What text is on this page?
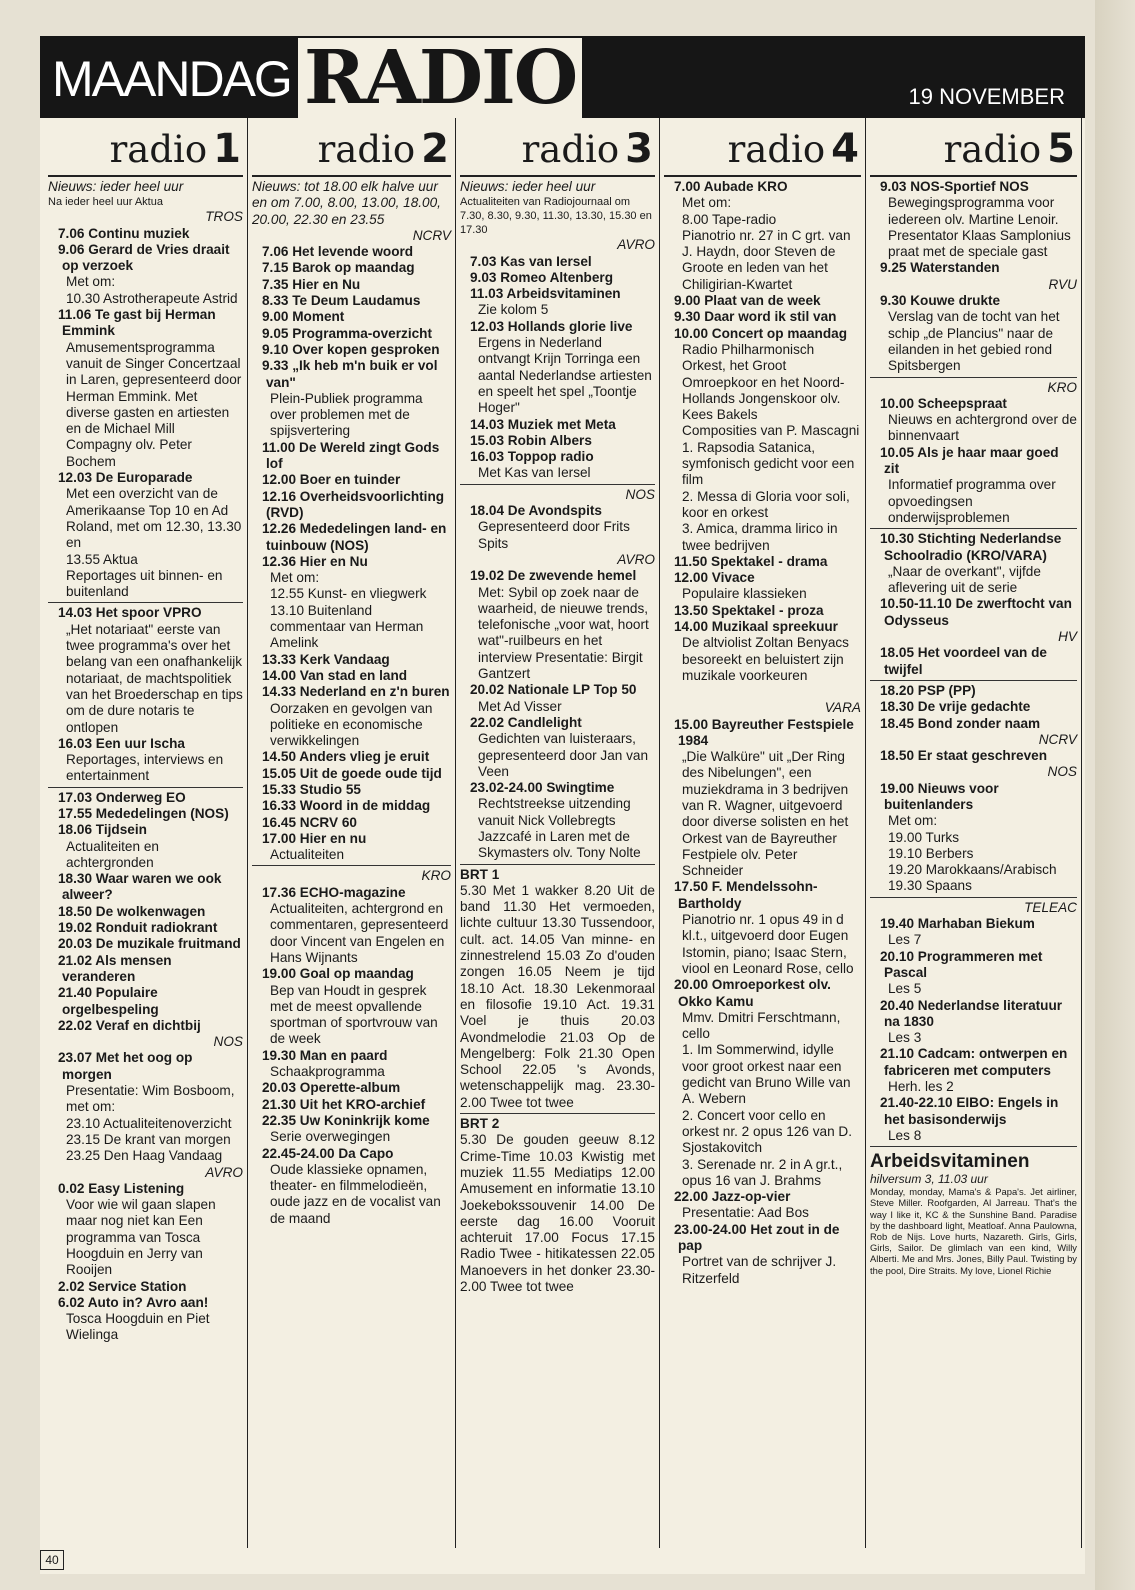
MAANDAG RADIO	19 NOVEMBER
radio 1
Nieuws: ieder heel uur
Na ieder heel uur Aktua
TROS
7.06 Continu muziek
9.06 Gerard de Vries draait op verzoek
Met om:
10.30 Astrotherapeute Astrid
11.06 Te gast bij Herman Emmink
Amusementsprogramma vanuit de Singer Concertzaal in Laren, gepresenteerd door Herman Emmink. Met diverse gasten en artiesten en de Michael Mill Compagny olv. Peter Bochem
12.03 De Europarade
Met een overzicht van de Amerikaanse Top 10 en Ad Roland, met om 12.30, 13.30 en
13.55 Aktua
Reportages uit binnen- en buitenland
14.03 Het spoor VPRO
„Het notariaat" eerste van twee programma's over het belang van een onafhankelijk notariaat, de machtspolitiek van het Broederschap en tips om de dure notaris te ontlopen
16.03 Een uur Ischa
Reportages, interviews en entertainment
17.03 Onderweg EO
17.55 Mededelingen (NOS)
18.06 Tijdsein
Actualiteiten en achtergronden
18.30 Waar waren we ook alweer?
18.50 De wolkenwagen
19.02 Ronduit radiokrant
20.03 De muzikale fruitmand
21.02 Als mensen veranderen
21.40 Populaire orgelbespeling
22.02 Veraf en dichtbij
NOS
23.07 Met het oog op morgen
Presentatie: Wim Bosboom, met om:
23.10 Actualiteitenoverzicht
23.15 De krant van morgen
23.25 Den Haag Vandaag
AVRO
0.02 Easy Listening
Voor wie wil gaan slapen maar nog niet kan Een programma van Tosca Hoogduin en Jerry van Rooijen
2.02 Service Station
6.02 Auto in? Avro aan!
Tosca Hoogduin en Piet Wielinga
radio 2
Nieuws: tot 18.00 elk halve uur en om 7.00, 8.00, 13.00, 18.00, 20.00, 22.30 en 23.55
NCRV
7.06 Het levende woord
7.15 Barok op maandag
7.35 Hier en Nu
8.33 Te Deum Laudamus
9.00 Moment
9.05 Programma-overzicht
9.10 Over kopen gesproken
9.33 „Ik heb m'n buik er vol van"
Plein-Publiek programma over problemen met de spijsvertering
11.00 De Wereld zingt Gods lof
12.00 Boer en tuinder
12.16 Overheidsvoorlichting (RVD)
12.26 Mededelingen land- en tuinbouw (NOS)
12.36 Hier en Nu
Met om:
12.55 Kunst- en vliegwerk
13.10 Buitenland commentaar van Herman Amelink
13.33 Kerk Vandaag
14.00 Van stad en land
14.33 Nederland en z'n buren
Oorzaken en gevolgen van politieke en economische verwikkelingen
14.50 Anders vlieg je eruit
15.05 Uit de goede oude tijd
15.33 Studio 55
16.33 Woord in de middag
16.45 NCRV 60
17.00 Hier en nu
Actualiteiten
KRO
17.36 ECHO-magazine
Actualiteiten, achtergrond en commentaren, gepresenteerd door Vincent van Engelen en Hans Wijnants
19.00 Goal op maandag
Bep van Houdt in gesprek met de meest opvallende sportman of sportvrouw van de week
19.30 Man en paard
Schaakprogramma
20.03 Operette-album
21.30 Uit het KRO-archief
22.35 Uw Koninkrijk kome
Serie overwegingen
22.45-24.00 Da Capo
Oude klassieke opnamen, theater- en filmmelodieën, oude jazz en de vocalist van de maand
radio 3
Nieuws: ieder heel uur
Actualiteiten van Radiojournaal om 7.30, 8.30, 9.30, 11.30, 13.30, 15.30 en 17.30
AVRO
7.03 Kas van Iersel
9.03 Romeo Altenberg
11.03 Arbeidsvitaminen
Zie kolom 5
12.03 Hollands glorie live
Ergens in Nederland ontvangt Krijn Torringa een aantal Nederlandse artiesten en speelt het spel „Toontje Hoger"
14.03 Muziek met Meta
15.03 Robin Albers
16.03 Toppop radio
Met Kas van Iersel
NOS
18.04 De Avondspits
Gepresenteerd door Frits Spits
AVRO
19.02 De zwevende hemel
Met: Sybil op zoek naar de waarheid, de nieuwe trends, telefonische „voor wat, hoort wat"-ruilbeurs en het interview Presentatie: Birgit Gantzert
20.02 Nationale LP Top 50
Met Ad Visser
22.02 Candlelight
Gedichten van luisteraars, gepresenteerd door Jan van Veen
23.02-24.00 Swingtime
Rechtstreekse uitzending vanuit Nick Vollebregts Jazzcafé in Laren met de Skymasters olv. Tony Nolte
BRT 1
5.30 Met 1 wakker 8.20 Uit de band 11.30 Het vermoeden, lichte cultuur 13.30 Tussendoor, cult. act. 14.05 Van minne- en zinnestrelend 15.03 Zo d'ouden zongen 16.05 Neem je tijd 18.10 Act. 18.30 Lekenmoraal en filosofie 19.10 Act. 19.31 Voel je thuis 20.03 Avondmelodie 21.03 Op de Mengelberg: Folk 21.30 Open School 22.05 's Avonds, wetenschappelijk mag. 23.30-2.00 Twee tot twee
BRT 2
5.30 De gouden geeuw 8.12 Crime-Time 10.03 Kwistig met muziek 11.55 Mediatips 12.00 Amusement en informatie 13.10 Joekebokssouvenir 14.00 De eerste dag 16.00 Vooruit achteruit 17.00 Focus 17.15 Radio Twee - hitikatessen 22.05 Manoevers in het donker 23.30-2.00 Twee tot twee
radio 4
7.00 Aubade KRO
Met om:
8.00 Tape-radio
Pianotrio nr. 27 in C grt. van J. Haydn, door Steven de Groote en leden van het Chiligirian-Kwartet
9.00 Plaat van de week
9.30 Daar word ik stil van
10.00 Concert op maandag
Radio Philharmonisch Orkest, het Groot Omroepkoor en het Noord-Hollands Jongenskoor olv. Kees Bakels
Composities van P. Mascagni
1. Rapsodia Satanica, symfonisch gedicht voor een film
2. Messa di Gloria voor soli, koor en orkest
3. Amica, dramma lirico in twee bedrijven
11.50 Spektakel - drama
12.00 Vivace
Populaire klassieken
13.50 Spektakel - proza
14.00 Muzikaal spreekuur
De altviolist Zoltan Benyacs besoreekt en beluistert zijn muzikale voorkeuren
VARA
15.00 Bayreuther Festspiele 1984
„Die Walküre" uit „Der Ring des Nibelungen", een muziekdrama in 3 bedrijven van R. Wagner, uitgevoerd door diverse solisten en het Orkest van de Bayreuther Festpiele olv. Peter Schneider
17.50 F. Mendelssohn-Bartholdy
Pianotrio nr. 1 opus 49 in d kl.t., uitgevoerd door Eugen Istomin, piano; Isaac Stern, viool en Leonard Rose, cello
20.00 Omroeporkest olv. Okko Kamu
Mmv. Dmitri Ferschtmann, cello
1. Im Sommerwind, idylle voor groot orkest naar een gedicht van Bruno Wille van A. Webern
2. Concert voor cello en orkest nr. 2 opus 126 van D. Sjostakovitch
3. Serenade nr. 2 in A gr.t., opus 16 van J. Brahms
22.00 Jazz-op-vier
Presentatie: Aad Bos
23.00-24.00 Het zout in de pap
Portret van de schrijver J. Ritzerfeld
radio 5
9.03 NOS-Sportief NOS
Bewegingsprogramma voor iedereen olv. Martine Lenoir. Presentator Klaas Samplonius praat met de speciale gast
9.25 Waterstanden
RVU
9.30 Kouwe drukte
Verslag van de tocht van het schip „de Plancius" naar de eilanden in het gebied rond Spitsbergen
KRO
10.00 Scheepspraat
Nieuws en achtergrond over de binnenvaart
10.05 Als je haar maar goed zit
Informatief programma over opvoedingsen onderwijsproblemen
10.30 Stichting Nederlandse Schoolradio (KRO/VARA)
„Naar de overkant", vijfde aflevering uit de serie
10.50-11.10 De zwerftocht van Odysseus
HV
18.05 Het voordeel van de twijfel
18.20 PSP (PP)
18.30 De vrije gedachte
18.45 Bond zonder naam
NCRV
18.50 Er staat geschreven
NOS
19.00 Nieuws voor buitenlanders
Met om:
19.00 Turks
19.10 Berbers
19.20 Marokkaans/Arabisch
19.30 Spaans
TELEAC
19.40 Marhaban Biekum
Les 7
20.10 Programmeren met Pascal
Les 5
20.40 Nederlandse literatuur na 1830
Les 3
21.10 Cadcam: ontwerpen en fabriceren met computers
Herh. les 2
21.40-22.10 EIBO: Engels in het basisonderwijs
Les 8
Arbeidsvitaminen
hilversum 3, 11.03 uur
Monday, monday, Mama's & Papa's. Jet airliner, Steve Miller. Roofgarden, Al Jarreau. That's the way I like it, KC & the Sunshine Band. Paradise by the dashboard light, Meatloaf. Anna Paulowna, Rob de Nijs. Love hurts, Nazareth. Girls, Girls, Girls, Sailor. De glimlach van een kind, Willy Alberti. Me and Mrs. Jones, Billy Paul. Twisting by the pool, Dire Straits. My love, Lionel Richie
40
